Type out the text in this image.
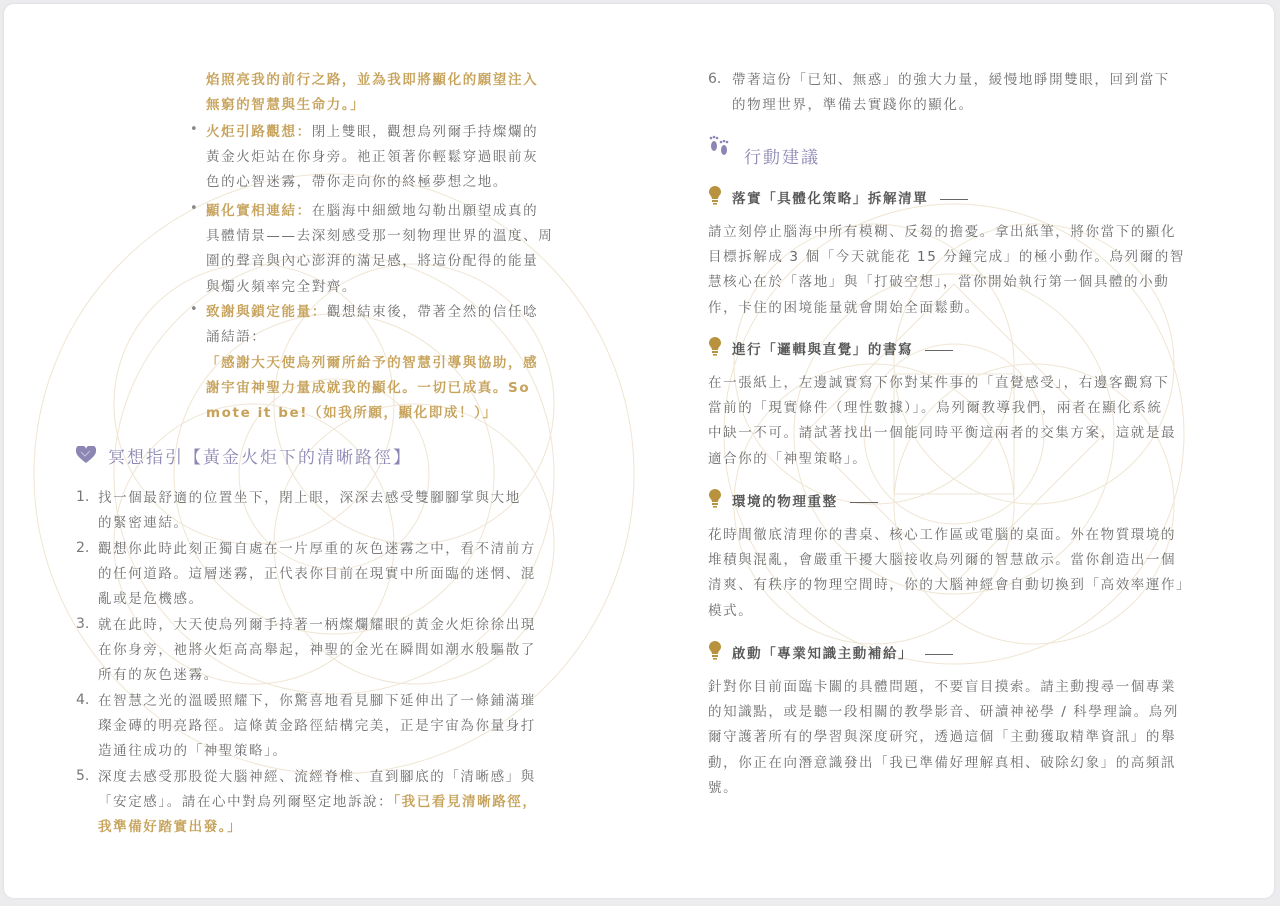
焰照亮我的前行之路，並為我即將顯化的願望注入
無窮的智慧與生命力。」
• 火炬引路觀想：閉上雙眼，觀想烏列爾手持燦爛的
黃金火炬站在你身旁。祂正領著你輕鬆穿過眼前灰
色的心智迷霧，帶你走向你的終極夢想之地。
• 顯化實相連結：在腦海中細緻地勾勒出願望成真的
具體情景——去深刻感受那一刻物理世界的溫度、周
圍的聲音與內心澎湃的滿足感，將這份配得的能量
與燭火頻率完全對齊。
• 致謝與鎖定能量：觀想結束後，帶著全然的信任唸
誦結語：
「感謝大天使烏列爾所給予的智慧引導與協助，感
謝宇宙神聖力量成就我的顯化。一切已成真。So
mote it be!（如我所願，顯化即成！）」
冥想指引【黃金火炬下的清晰路徑】
1. 找一個最舒適的位置坐下，閉上眼，深深去感受雙腳腳掌與大地
的緊密連結。
2. 觀想你此時此刻正獨自處在一片厚重的灰色迷霧之中，看不清前方
的任何道路。這層迷霧，正代表你目前在現實中所面臨的迷惘、混
亂或是危機感。
3. 就在此時，大天使烏列爾手持著一柄燦爛耀眼的黃金火炬徐徐出現
在你身旁，祂將火炬高高舉起，神聖的金光在瞬間如潮水般驅散了
所有的灰色迷霧。
4. 在智慧之光的溫暖照耀下，你驚喜地看見腳下延伸出了一條鋪滿璀
璨金磚的明亮路徑。這條黃金路徑結構完美，正是宇宙為你量身打
造通往成功的「神聖策略」。
5. 深度去感受那股從大腦神經、流經脊椎、直到腳底的「清晰感」與
「安定感」。請在心中對烏列爾堅定地訴說：「我已看見清晰路徑，
我準備好踏實出發。」
6. 帶著這份「已知、無惑」的強大力量，緩慢地睜開雙眼，回到當下
的物理世界，準備去實踐你的顯化。
行動建議
落實「具體化策略」拆解清單
請立刻停止腦海中所有模糊、反芻的擔憂。拿出紙筆，將你當下的顯化
目標拆解成 3 個「今天就能花 15 分鐘完成」的極小動作。烏列爾的智
慧核心在於「落地」與「打破空想」，當你開始執行第一個具體的小動
作，卡住的困境能量就會開始全面鬆動。
進行「邏輯與直覺」的書寫
在一張紙上，左邊誠實寫下你對某件事的「直覺感受」，右邊客觀寫下
當前的「現實條件（理性數據）」。烏列爾教導我們，兩者在顯化系統
中缺一不可。請試著找出一個能同時平衡這兩者的交集方案，這就是最
適合你的「神聖策略」。
環境的物理重整
花時間徹底清理你的書桌、核心工作區或電腦的桌面。外在物質環境的
堆積與混亂，會嚴重干擾大腦接收烏列爾的智慧啟示。當你創造出一個
清爽、有秩序的物理空間時，你的大腦神經會自動切換到「高效率運作」
模式。
啟動「專業知識主動補給」
針對你目前面臨卡關的具體問題，不要盲目摸索。請主動搜尋一個專業
的知識點，或是聽一段相關的教學影音、研讀神祕學 / 科學理論。烏列
爾守護著所有的學習與深度研究，透過這個「主動獲取精準資訊」的舉
動，你正在向潛意識發出「我已準備好理解真相、破除幻象」的高頻訊
號。
